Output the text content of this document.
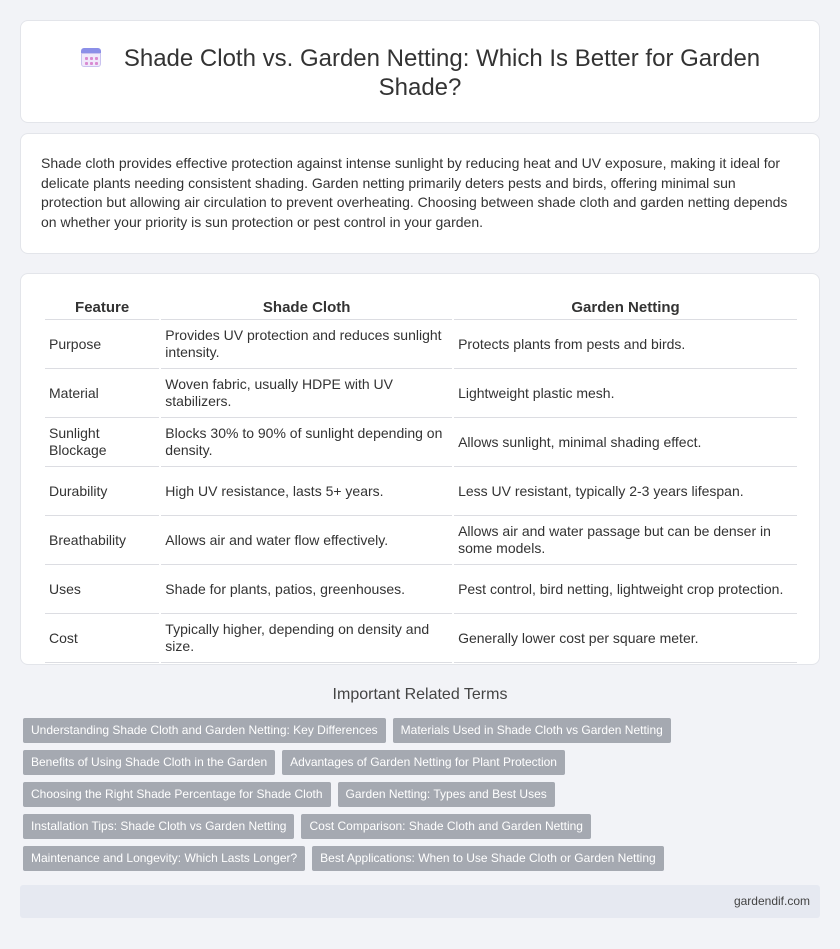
Shade Cloth vs. Garden Netting: Which Is Better for Garden Shade?

Shade cloth provides effective protection against intense sunlight by reducing heat and UV exposure, making it ideal for delicate plants needing consistent shading. Garden netting primarily deters pests and birds, offering minimal sun protection but allowing air circulation to prevent overheating. Choosing between shade cloth and garden netting depends on whether your priority is sun protection or pest control in your garden.

Feature	Shade Cloth	Garden Netting
Purpose	Provides UV protection and reduces sunlight intensity.	Protects plants from pests and birds.
Material	Woven fabric, usually HDPE with UV stabilizers.	Lightweight plastic mesh.
Sunlight Blockage	Blocks 30% to 90% of sunlight depending on density.	Allows sunlight, minimal shading effect.
Durability	High UV resistance, lasts 5+ years.	Less UV resistant, typically 2-3 years lifespan.
Breathability	Allows air and water flow effectively.	Allows air and water passage but can be denser in some models.
Uses	Shade for plants, patios, greenhouses.	Pest control, bird netting, lightweight crop protection.
Cost	Typically higher, depending on density and size.	Generally lower cost per square meter.
Important Related Terms
Understanding Shade Cloth and Garden Netting: Key Differences	Materials Used in Shade Cloth vs Garden Netting
Benefits of Using Shade Cloth in the Garden	Advantages of Garden Netting for Plant Protection
Choosing the Right Shade Percentage for Shade Cloth	Garden Netting: Types and Best Uses
Installation Tips: Shade Cloth vs Garden Netting	Cost Comparison: Shade Cloth and Garden Netting
Maintenance and Longevity: Which Lasts Longer?	Best Applications: When to Use Shade Cloth or Garden Netting
gardendif.com
